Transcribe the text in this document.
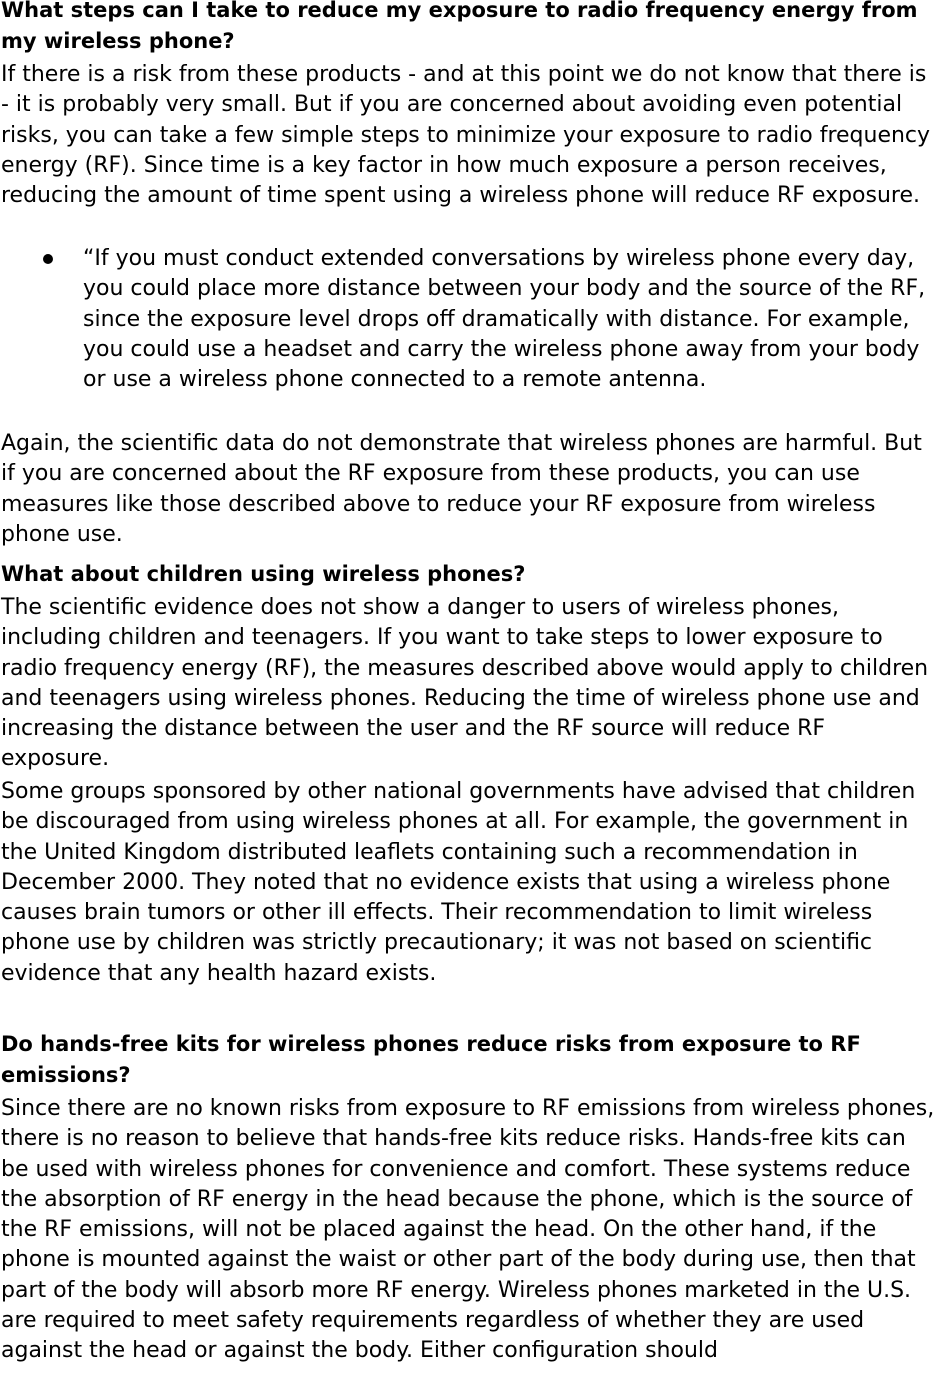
What steps can I take to reduce my exposure to radio frequency energy from my wireless phone?

If there is a risk from these products - and at this point we do not know that there is - it is probably very small. But if you are concerned about avoiding even potential risks, you can take a few simple steps to minimize your exposure to radio frequency energy (RF). Since time is a key factor in how much exposure a person receives, reducing the amount of time spent using a wireless phone will reduce RF exposure.

“If you must conduct extended conversations by wireless phone every day, you could place more distance between your body and the source of the RF, since the exposure level drops off dramatically with distance. For example, you could use a headset and carry the wireless phone away from your body or use a wireless phone connected to a remote antenna.

Again, the scientific data do not demonstrate that wireless phones are harmful. But if you are concerned about the RF exposure from these products, you can use measures like those described above to reduce your RF exposure from wireless phone use.

What about children using wireless phones?

The scientific evidence does not show a danger to users of wireless phones, including children and teenagers. If you want to take steps to lower exposure to radio frequency energy (RF), the measures described above would apply to children and teenagers using wireless phones. Reducing the time of wireless phone use and increasing the distance between the user and the RF source will reduce RF exposure.

Some groups sponsored by other national governments have advised that children be discouraged from using wireless phones at all. For example, the government in the United Kingdom distributed leaflets containing such a recommendation in December 2000. They noted that no evidence exists that using a wireless phone causes brain tumors or other ill effects. Their recommendation to limit wireless phone use by children was strictly precautionary; it was not based on scientific evidence that any health hazard exists.

Do hands-free kits for wireless phones reduce risks from exposure to RF emissions?

Since there are no known risks from exposure to RF emissions from wireless phones, there is no reason to believe that hands-free kits reduce risks. Hands-free kits can be used with wireless phones for convenience and comfort. These systems reduce the absorption of RF energy in the head because the phone, which is the source of the RF emissions, will not be placed against the head. On the other hand, if the phone is mounted against the waist or other part of the body during use, then that part of the body will absorb more RF energy. Wireless phones marketed in the U.S. are required to meet safety requirements regardless of whether they are used against the head or against the body. Either configuration should
